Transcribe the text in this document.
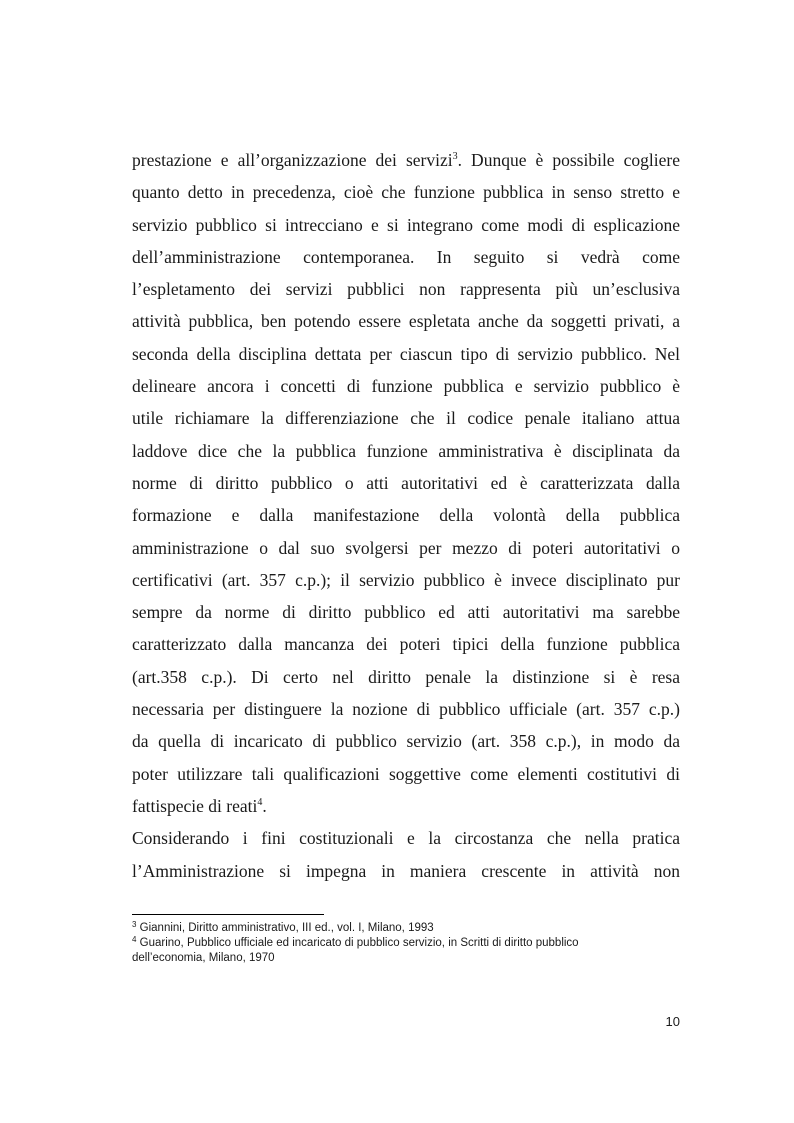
prestazione e all’organizzazione dei servizi$^3$. Dunque è possibile cogliere
quanto detto in precedenza, cioè che funzione pubblica in senso stretto e
servizio pubblico si intrecciano e si integrano come modi di esplicazione
dell’amministrazione contemporanea. In seguito si vedrà come
l’espletamento dei servizi pubblici non rappresenta più un’esclusiva
attività pubblica, ben potendo essere espletata anche da soggetti privati, a
seconda della disciplina dettata per ciascun tipo di servizio pubblico. Nel
delineare ancora i concetti di funzione pubblica e servizio pubblico è
utile richiamare la differenziazione che il codice penale italiano attua
laddove dice che la pubblica funzione amministrativa è disciplinata da
norme di diritto pubblico o atti autoritativi ed è caratterizzata dalla
formazione e dalla manifestazione della volontà della pubblica
amministrazione o dal suo svolgersi per mezzo di poteri autoritativi o
certificativi (art. 357 c.p.); il servizio pubblico è invece disciplinato pur
sempre da norme di diritto pubblico ed atti autoritativi ma sarebbe
caratterizzato dalla mancanza dei poteri tipici della funzione pubblica
(art.358 c.p.). Di certo nel diritto penale la distinzione si è resa
necessaria per distinguere la nozione di pubblico ufficiale (art. 357 c.p.)
da quella di incaricato di pubblico servizio (art. 358 c.p.), in modo da
poter utilizzare tali qualificazioni soggettive come elementi costitutivi di
fattispecie di reati$^4$.
Considerando i fini costituzionali e la circostanza che nella pratica
l’Amministrazione si impegna in maniera crescente in attività non
$^3$ Giannini, Diritto amministrativo, III ed., vol. I, Milano, 1993
$^4$ Guarino, Pubblico ufficiale ed incaricato di pubblico servizio, in Scritti di diritto pubblico
dell’economia, Milano, 1970
10
